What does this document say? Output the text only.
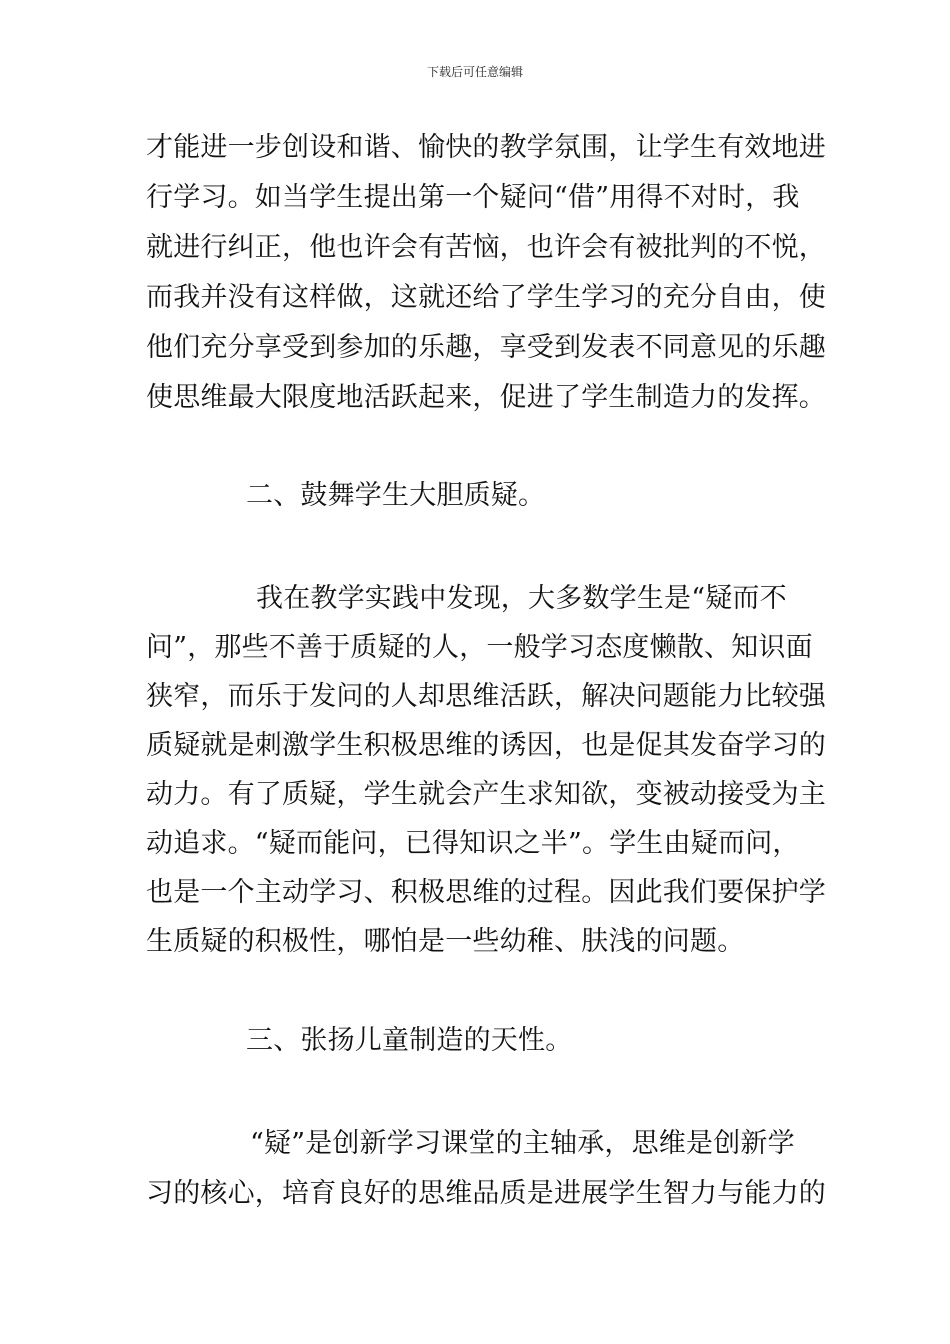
下载后可任意编辑
才能进一步创设和谐、愉快的教学氛围，让学生有效地进
行学习。如当学生提出第一个疑问“借”用得不对时，我
就进行纠正，他也许会有苦恼，也许会有被批判的不悦，
而我并没有这样做，这就还给了学生学习的充分自由，使
他们充分享受到参加的乐趣，享受到发表不同意见的乐趣
使思维最大限度地活跃起来，促进了学生制造力的发挥。
二、鼓舞学生大胆质疑。
我在教学实践中发现，大多数学生是“疑而不
问”，那些不善于质疑的人，一般学习态度懒散、知识面
狭窄，而乐于发问的人却思维活跃，解决问题能力比较强
质疑就是刺激学生积极思维的诱因，也是促其发奋学习的
动力。有了质疑，学生就会产生求知欲，变被动接受为主
动追求。“疑而能问，已得知识之半”。学生由疑而问，
也是一个主动学习、积极思维的过程。因此我们要保护学
生质疑的积极性，哪怕是一些幼稚、肤浅的问题。
三、张扬儿童制造的天性。
“疑”是创新学习课堂的主轴承，思维是创新学
习的核心，培育良好的思维品质是进展学生智力与能力的
